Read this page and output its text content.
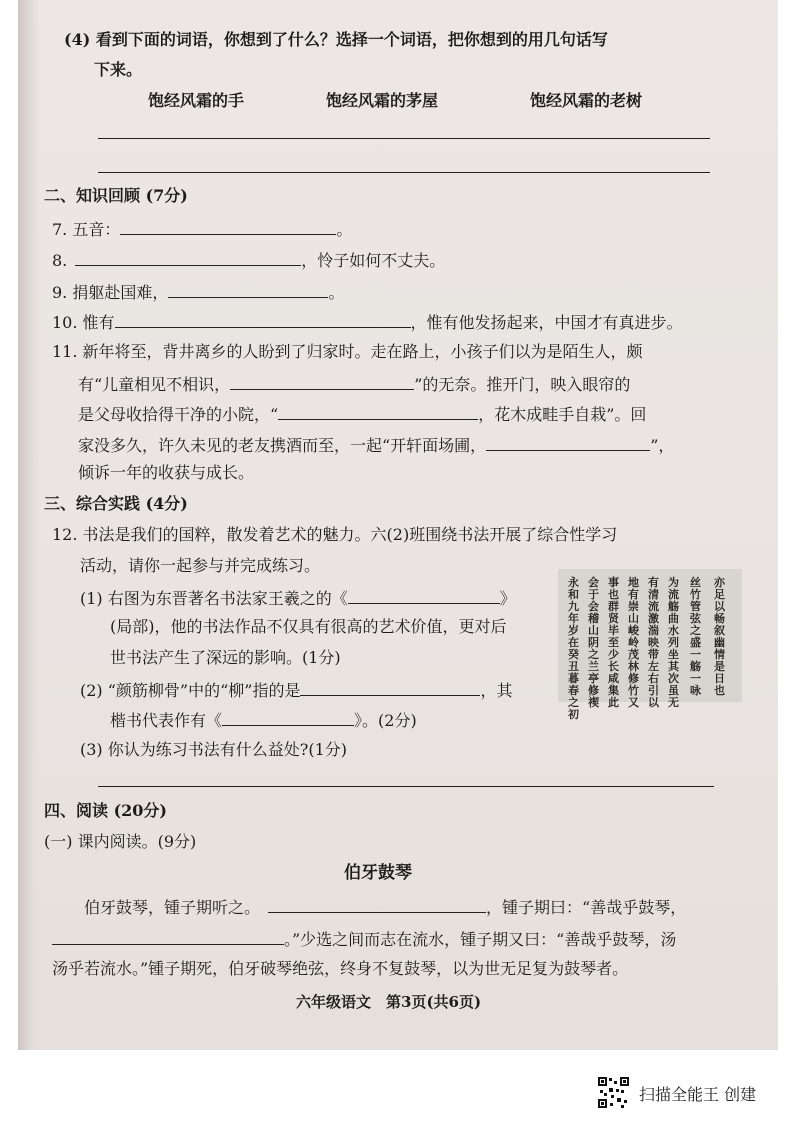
(4) 看到下面的词语，你想到了什么？选择一个词语，把你想到的用几句话写
下来。
饱经风霜的手	饱经风霜的茅屋	饱经风霜的老树
二、知识回顾 (7分)
7. 五音：	。
8.	，怜子如何不丈夫。
9. 捐躯赴国难，	。
10. 惟有	，惟有他发扬起来，中国才有真进步。
11. 新年将至，背井离乡的人盼到了归家时。走在路上，小孩子们以为是陌生人，颇
有“儿童相见不相识，	”的无奈。推开门，映入眼帘的
是父母收拾得干净的小院，“	，花木成畦手自栽”。回
家没多久，许久未见的老友携酒而至，一起“开轩面场圃，	”，
倾诉一年的收获与成长。
三、综合实践 (4分)
12. 书法是我们的国粹，散发着艺术的魅力。六(2)班围绕书法开展了综合性学习
活动，请你一起参与并完成练习。
(1) 右图为东晋著名书法家王羲之的《	》
(局部)，他的书法作品不仅具有很高的艺术价值，更对后
世书法产生了深远的影响。(1分)
(2) “颜筋柳骨”中的“柳”指的是	，其
楷书代表作有《	》。(2分)
(3) 你认为练习书法有什么益处?(1分)
永和九年岁在癸丑暮春之初
会于会稽山阴之兰亭修禊
事也群贤毕至少长咸集此
地有崇山峻岭茂林修竹又
有清流激湍映带左右引以
为流觞曲水列坐其次虽无
丝竹管弦之盛一觞一咏
亦足以畅叙幽情是日也
四、阅读 (20分)
(一) 课内阅读。(9分)
伯牙鼓琴
伯牙鼓琴，锺子期听之。	，锺子期曰：“善哉乎鼓琴，
。”少选之间而志在流水，锺子期又曰：“善哉乎鼓琴，汤
汤乎若流水。”锺子期死，伯牙破琴绝弦，终身不复鼓琴，以为世无足复为鼓琴者。
六年级语文　第3页(共6页)
扫描全能王 创建
